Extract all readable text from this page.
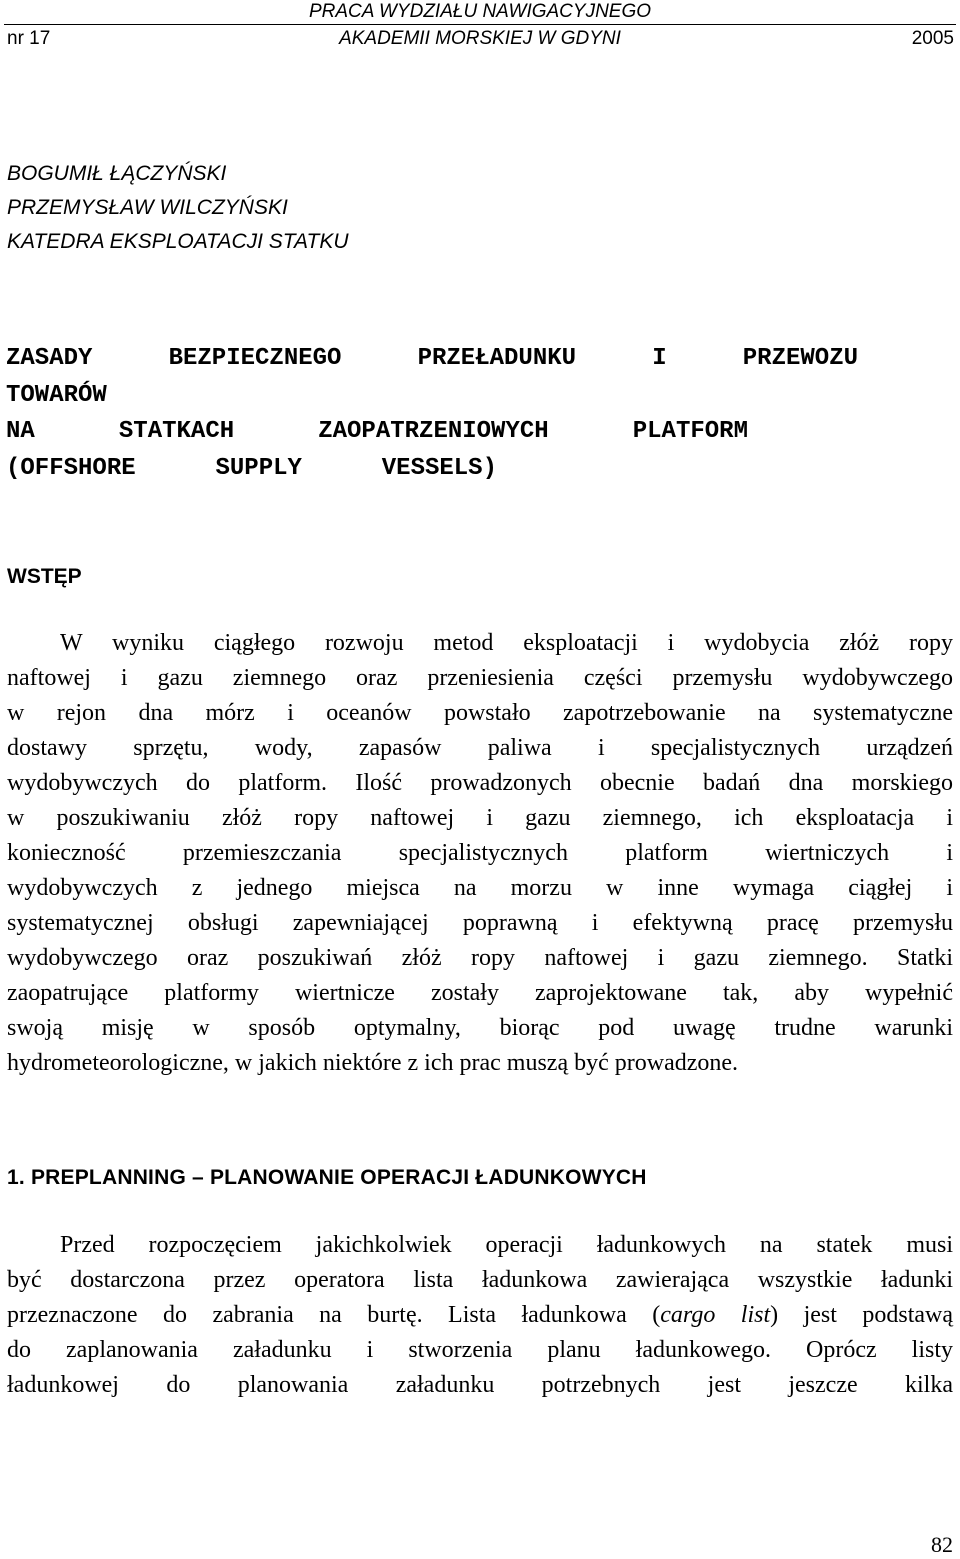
PRACA WYDZIAŁU NAWIGACYJNEGO
AKADEMII MORSKIEJ W GDYNI
nr 17	2005
BOGUMIŁ ŁĄCZYŃSKI
PRZEMYSŁAW WILCZYŃSKI
KATEDRA EKSPLOATACJI STATKU
ZASADY	BEZPIECZNEGO	PRZEŁADUNKU	I	PRZEWOZU
TOWARÓW
NA	STATKACH	ZAOPATRZENIOWYCH	PLATFORM
(OFFSHORE	SUPPLY	VESSELS)
WSTĘP
W wyniku ciągłego rozwoju metod eksploatacji i wydobycia złóż ropy
naftowej i gazu ziemnego oraz przeniesienia części przemysłu wydobywczego
w rejon dna mórz i oceanów powstało zapotrzebowanie na systematyczne
dostawy sprzętu, wody, zapasów paliwa i specjalistycznych urządzeń
wydobywczych do platform. Ilość prowadzonych obecnie badań dna morskiego
w poszukiwaniu złóż ropy naftowej i gazu ziemnego, ich eksploatacja i
konieczność przemieszczania specjalistycznych platform wiertniczych i
wydobywczych z jednego miejsca na morzu w inne wymaga ciągłej i
systematycznej obsługi zapewniającej poprawną i efektywną pracę przemysłu
wydobywczego oraz poszukiwań złóż ropy naftowej i gazu ziemnego. Statki
zaopatrujące platformy wiertnicze zostały zaprojektowane tak, aby wypełnić
swoją misję w sposób optymalny, biorąc pod uwagę trudne warunki
hydrometeorologiczne, w jakich niektóre z ich prac muszą być prowadzone.
1. PREPLANNING – PLANOWANIE OPERACJI ŁADUNKOWYCH
Przed rozpoczęciem jakichkolwiek operacji ładunkowych na statek musi
być dostarczona przez operatora lista ładunkowa zawierająca wszystkie ładunki
przeznaczone do zabrania na burtę. Lista ładunkowa (cargo list) jest podstawą
do zaplanowania załadunku i stworzenia planu ładunkowego. Oprócz listy
ładunkowej do planowania załadunku potrzebnych jest jeszcze kilka
82
